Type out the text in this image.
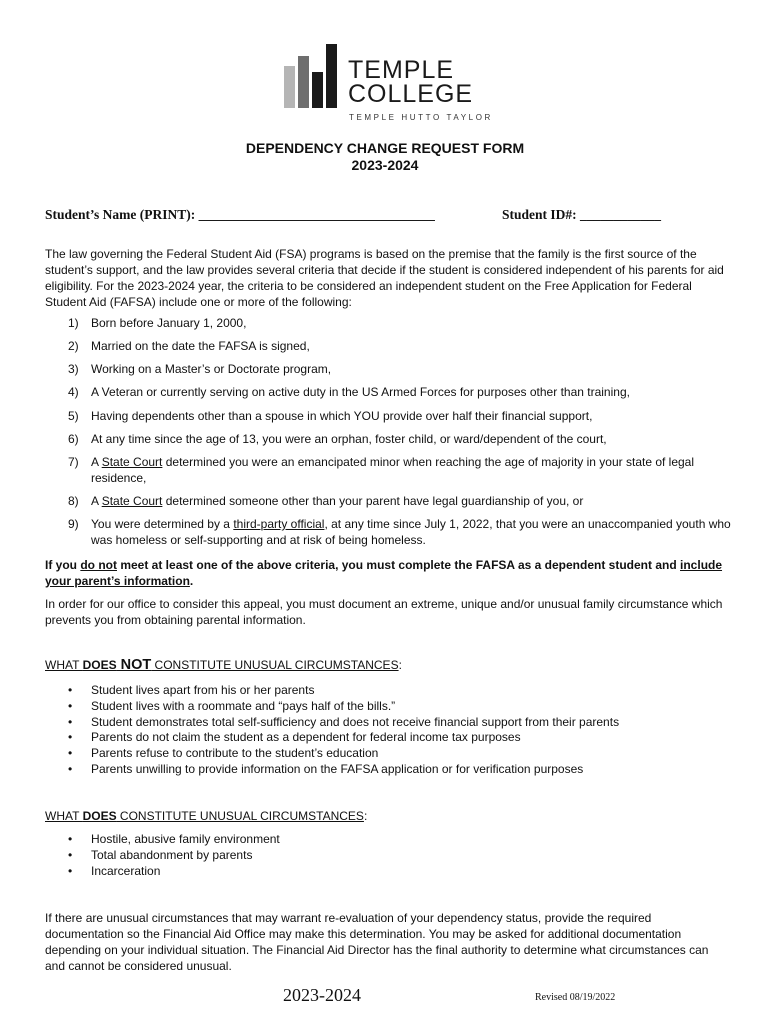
TEMPLE
COLLEGE
TEMPLE HUTTO TAYLOR
DEPENDENCY CHANGE REQUEST FORM
2023-2024
Student’s Name (PRINT): ___________________________________	Student ID#: ____________
The law governing the Federal Student Aid (FSA) programs is based on the premise that the family is the first source of the student’s support, and the law provides several criteria that decide if the student is considered independent of his parents for aid eligibility. For the 2023-2024 year, the criteria to be considered an independent student on the Free Application for Federal Student Aid (FAFSA) include one or more of the following:
1) Born before January 1, 2000,
2) Married on the date the FAFSA is signed,
3) Working on a Master’s or Doctorate program,
4) A Veteran or currently serving on active duty in the US Armed Forces for purposes other than training,
5) Having dependents other than a spouse in which YOU provide over half their financial support,
6) At any time since the age of 13, you were an orphan, foster child, or ward/dependent of the court,
7) A State Court determined you were an emancipated minor when reaching the age of majority in your state of legal residence,
8) A State Court determined someone other than your parent have legal guardianship of you, or
9) You were determined by a third-party official, at any time since July 1, 2022, that you were an unaccompanied youth who was homeless or self-supporting and at risk of being homeless.
If you do not meet at least one of the above criteria, you must complete the FAFSA as a dependent student and include your parent’s information.
In order for our office to consider this appeal, you must document an extreme, unique and/or unusual family circumstance which prevents you from obtaining parental information.
WHAT DOES NOT CONSTITUTE UNUSUAL CIRCUMSTANCES:
• Student lives apart from his or her parents
• Student lives with a roommate and “pays half of the bills.”
• Student demonstrates total self-sufficiency and does not receive financial support from their parents
• Parents do not claim the student as a dependent for federal income tax purposes
• Parents refuse to contribute to the student’s education
• Parents unwilling to provide information on the FAFSA application or for verification purposes
WHAT DOES CONSTITUTE UNUSUAL CIRCUMSTANCES:
• Hostile, abusive family environment
• Total abandonment by parents
• Incarceration
If there are unusual circumstances that may warrant re-evaluation of your dependency status, provide the required documentation so the Financial Aid Office may make this determination. You may be asked for additional documentation depending on your individual situation. The Financial Aid Director has the final authority to determine what circumstances can and cannot be considered unusual.
2023-2024	Revised 08/19/2022
